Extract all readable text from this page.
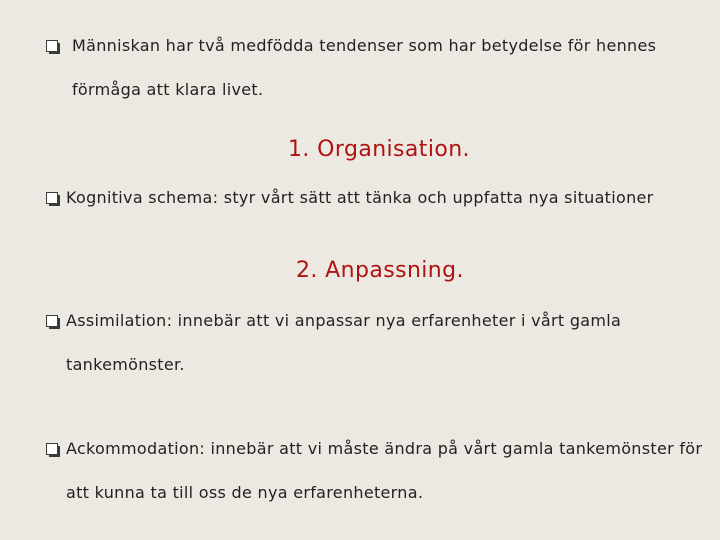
Människan har två medfödda tendenser som har betydelse för hennes
förmåga att klara livet.
1. Organisation.
Kognitiva schema: styr vårt sätt att tänka och uppfatta nya situationer
2. Anpassning.
Assimilation: innebär att vi anpassar nya erfarenheter i vårt gamla
tankemönster.
Ackommodation: innebär att vi måste ändra på vårt gamla tankemönster för
att kunna ta till oss de nya erfarenheterna.
